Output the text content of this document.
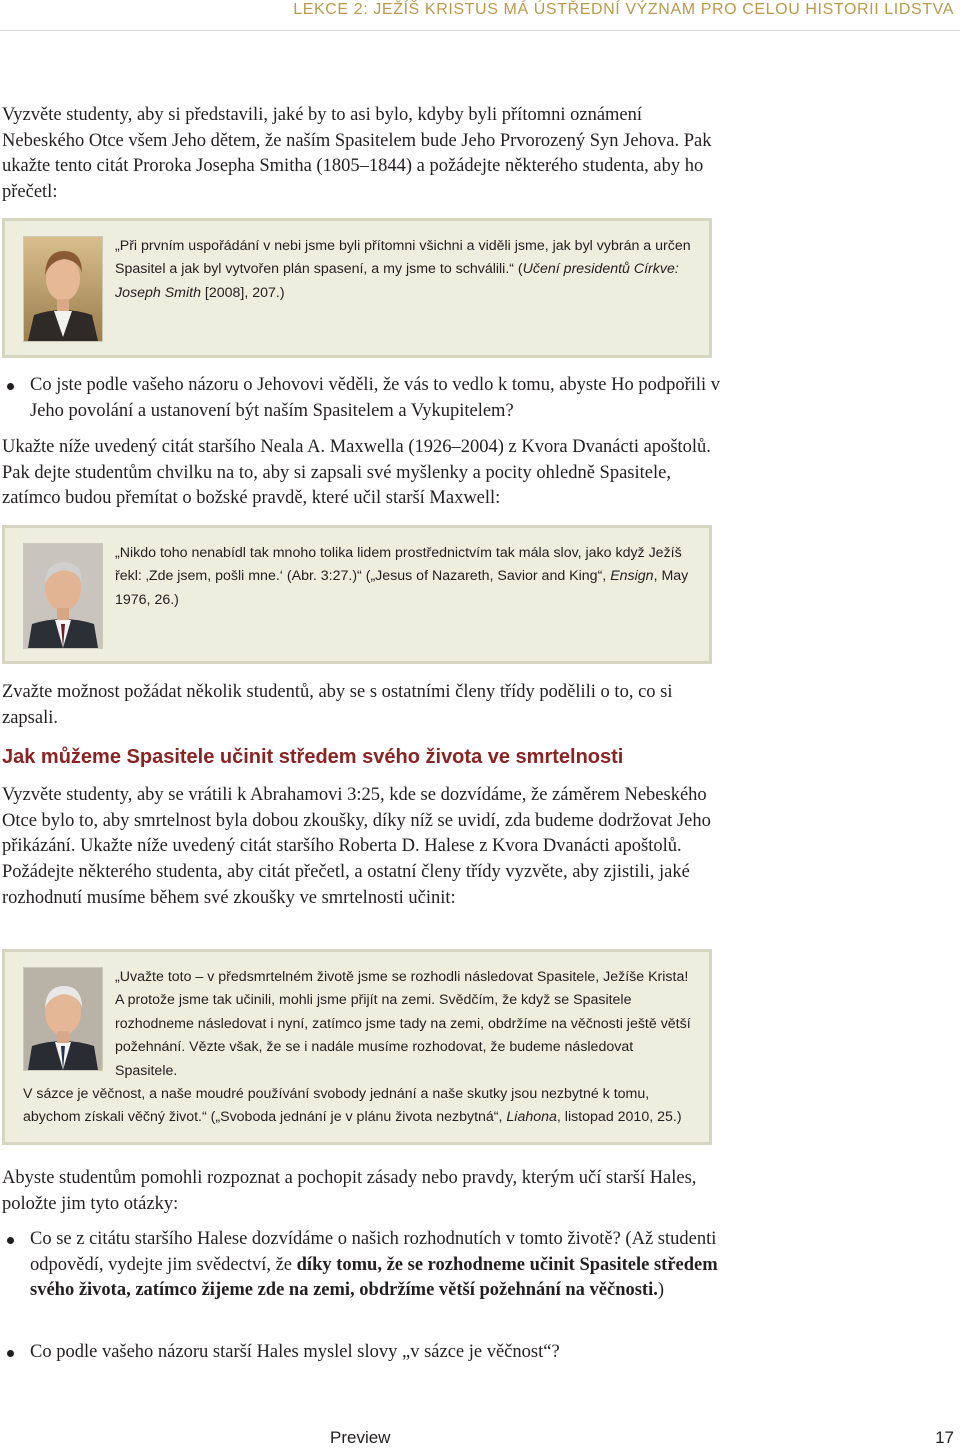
LEKCE 2: JEŽÍŠ KRISTUS MÁ ÚSTŘEDNÍ VÝZNAM PRO CELOU HISTORII LIDSTVA

Vyzvěte studenty, aby si představili, jaké by to asi bylo, kdyby byli přítomni oznámení Nebeského Otce všem Jeho dětem, že naším Spasitelem bude Jeho Prvorozený Syn Jehova. Pak ukažte tento citát Proroka Josepha Smitha (1805–1844) a požádejte některého studenta, aby ho přečetl:

„Při prvním uspořádání v nebi jsme byli přítomni všichni a viděli jsme, jak byl vybrán a určen Spasitel a jak byl vytvořen plán spasení, a my jsme to schválili.“ (Učení presidentů Církve: Joseph Smith [2008], 207.)

Co jste podle vašeho názoru o Jehovovi věděli, že vás to vedlo k tomu, abyste Ho podpořili v Jeho povolání a ustanovení být naším Spasitelem a Vykupitelem?

Ukažte níže uvedený citát staršího Neala A. Maxwella (1926–2004) z Kvora Dvanácti apoštolů. Pak dejte studentům chvilku na to, aby si zapsali své myšlenky a pocity ohledně Spasitele, zatímco budou přemítat o božské pravdě, které učil starší Maxwell:

„Nikdo toho nenabídl tak mnoho tolika lidem prostřednictvím tak mála slov, jako když Ježíš řekl: ‚Zde jsem, pošli mne.‘ (Abr. 3:27.)“ („Jesus of Nazareth, Savior and King“, Ensign, May 1976, 26.)

Zvažte možnost požádat několik studentů, aby se s ostatními členy třídy podělili o to, co si zapsali.

Jak můžeme Spasitele učinit středem svého života ve smrtelnosti

Vyzvěte studenty, aby se vrátili k Abrahamovi 3:25, kde se dozvídáme, že záměrem Nebeského Otce bylo to, aby smrtelnost byla dobou zkoušky, díky níž se uvidí, zda budeme dodržovat Jeho přikázání. Ukažte níže uvedený citát staršího Roberta D. Halese z Kvora Dvanácti apoštolů. Požádejte některého studenta, aby citát přečetl, a ostatní členy třídy vyzvěte, aby zjistili, jaké rozhodnutí musíme během své zkoušky ve smrtelnosti učinit:

„Uvažte toto – v předsmrtelném životě jsme se rozhodli následovat Spasitele, Ježíše Krista! A protože jsme tak učinili, mohli jsme přijít na zemi. Svědčím, že když se Spasitele rozhodneme následovat i nyní, zatímco jsme tady na zemi, obdržíme na věčnosti ještě větší požehnání. Vězte však, že se i nadále musíme rozhodovat, že budeme následovat Spasitele.
V sázce je věčnost, a naše moudré používání svobody jednání a naše skutky jsou nezbytné k tomu, abychom získali věčný život.“ („Svoboda jednání je v plánu života nezbytná“, Liahona, listopad 2010, 25.)

Abyste studentům pomohli rozpoznat a pochopit zásady nebo pravdy, kterým učí starší Hales, položte jim tyto otázky:

Co se z citátu staršího Halese dozvídáme o našich rozhodnutích v tomto životě? (Až studenti odpovědí, vydejte jim svědectví, že díky tomu, že se rozhodneme učinit Spasitele středem svého života, zatímco žijeme zde na zemi, obdržíme větší požehnání na věčnosti.)
Co podle vašeho názoru starší Hales myslel slovy „v sázce je věčnost“?
Preview	17
